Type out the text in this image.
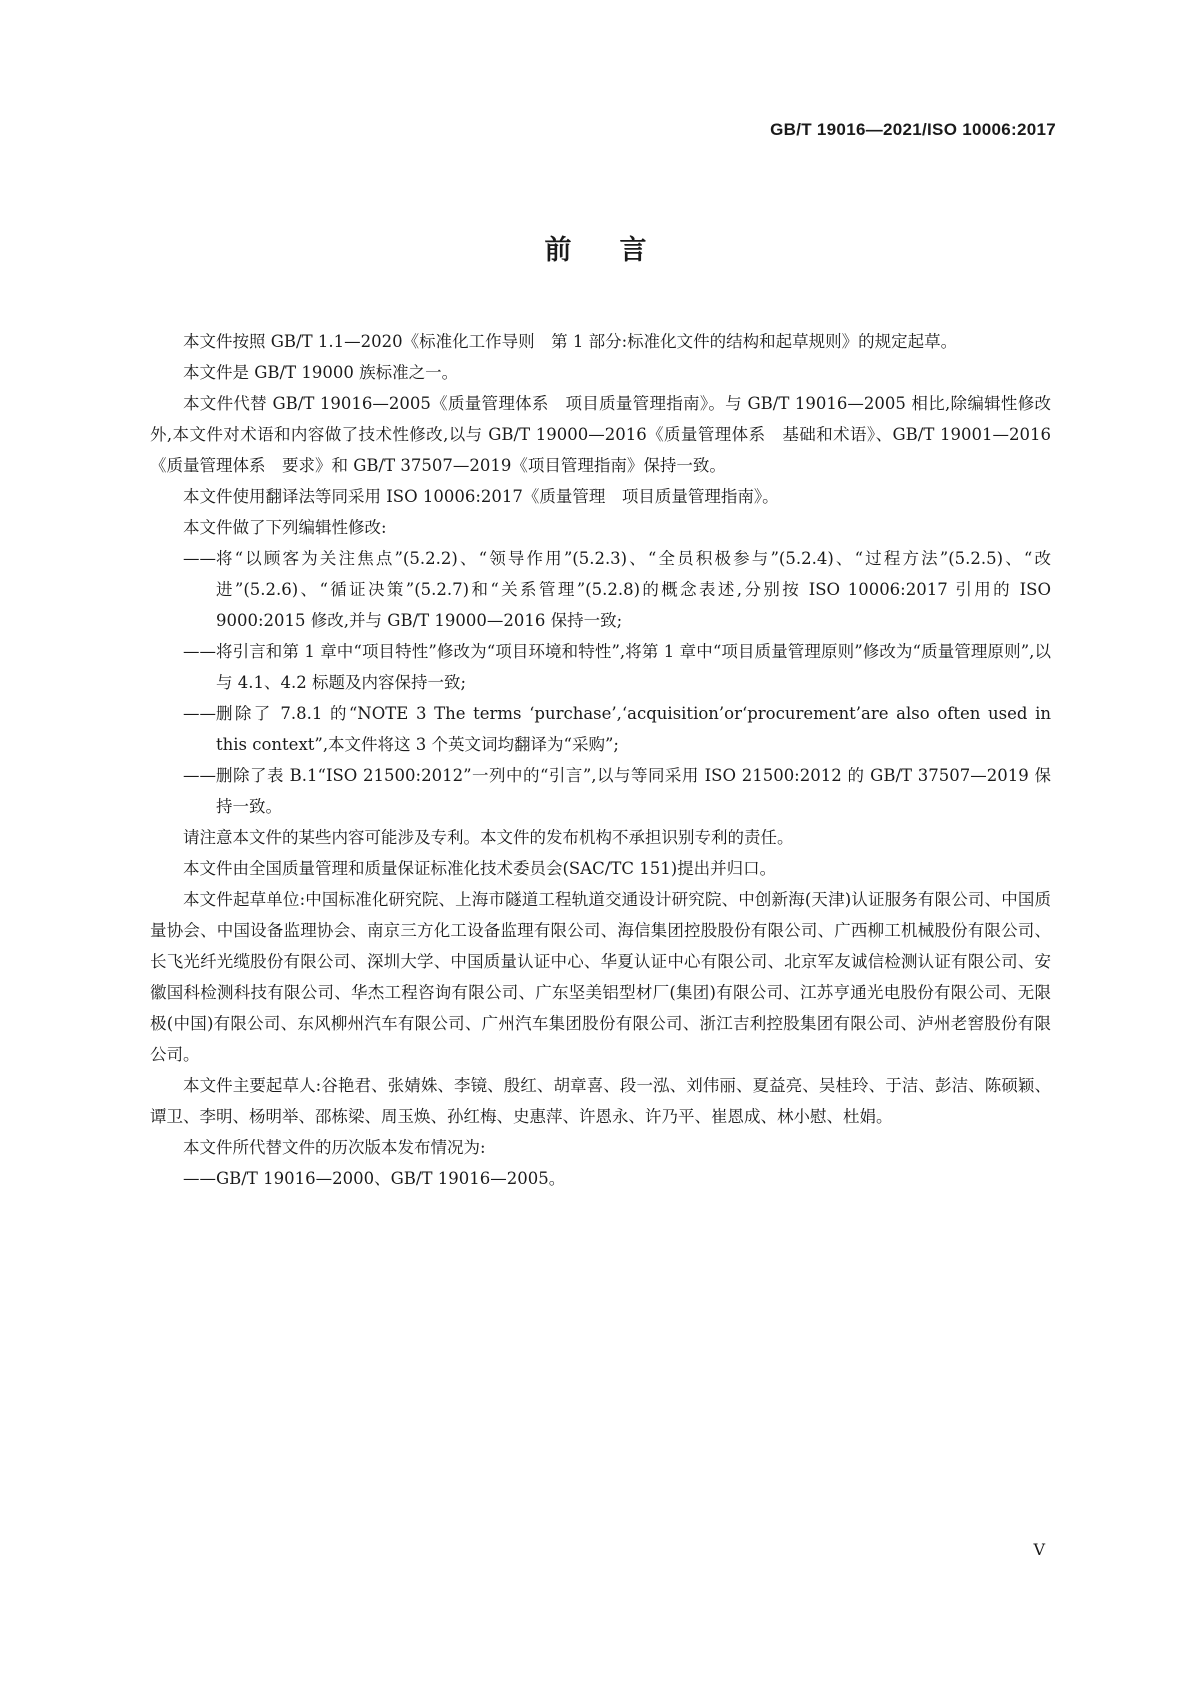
GB/T 19016—2021/ISO 10006:2017
前言

本文件按照 GB/T 1.1—2020《标准化工作导则　第 1 部分:标准化文件的结构和起草规则》的规定起草。

本文件是 GB/T 19000 族标准之一。

本文件代替 GB/T 19016—2005《质量管理体系　项目质量管理指南》。与 GB/T 19016—2005 相比,除编辑性修改外,本文件对术语和内容做了技术性修改,以与 GB/T 19000—2016《质量管理体系　基础和术语》、GB/T 19001—2016《质量管理体系　要求》和 GB/T 37507—2019《项目管理指南》保持一致。

本文件使用翻译法等同采用 ISO 10006:2017《质量管理　项目质量管理指南》。

本文件做了下列编辑性修改:

—— 将“以顾客为关注焦点”(5.2.2)、“领导作用”(5.2.3)、“全员积极参与”(5.2.4)、“过程方法”(5.2.5)、“改进”(5.2.6)、“循证决策”(5.2.7)和“关系管理”(5.2.8)的概念表述,分别按 ISO 10006:2017 引用的 ISO 9000:2015 修改,并与 GB/T 19000—2016 保持一致;
—— 将引言和第 1 章中“项目特性”修改为“项目环境和特性”,将第 1 章中“项目质量管理原则”修改为“质量管理原则”,以与 4.1、4.2 标题及内容保持一致;
—— 删除了 7.8.1 的“NOTE 3 The terms ‘purchase’,‘acquisition’or‘procurement’are also often used in this context”,本文件将这 3 个英文词均翻译为“采购”;
—— 删除了表 B.1“ISO 21500:2012”一列中的“引言”,以与等同采用 ISO 21500:2012 的 GB/T 37507—2019 保持一致。

请注意本文件的某些内容可能涉及专利。本文件的发布机构不承担识别专利的责任。

本文件由全国质量管理和质量保证标准化技术委员会(SAC/TC 151)提出并归口。

本文件起草单位:中国标准化研究院、上海市隧道工程轨道交通设计研究院、中创新海(天津)认证服务有限公司、中国质量协会、中国设备监理协会、南京三方化工设备监理有限公司、海信集团控股股份有限公司、广西柳工机械股份有限公司、长飞光纤光缆股份有限公司、深圳大学、中国质量认证中心、华夏认证中心有限公司、北京军友诚信检测认证有限公司、安徽国科检测科技有限公司、华杰工程咨询有限公司、广东坚美铝型材厂(集团)有限公司、江苏亨通光电股份有限公司、无限极(中国)有限公司、东风柳州汽车有限公司、广州汽车集团股份有限公司、浙江吉利控股集团有限公司、泸州老窖股份有限公司。

本文件主要起草人:谷艳君、张婧姝、李镜、殷红、胡章喜、段一泓、刘伟丽、夏益亮、吴桂玲、于洁、彭洁、陈硕颖、谭卫、李明、杨明举、邵栋梁、周玉焕、孙红梅、史惠萍、许恩永、许乃平、崔恩成、林小慰、杜娟。

本文件所代替文件的历次版本发布情况为:

—— GB/T 19016—2000、GB/T 19016—2005。
V
